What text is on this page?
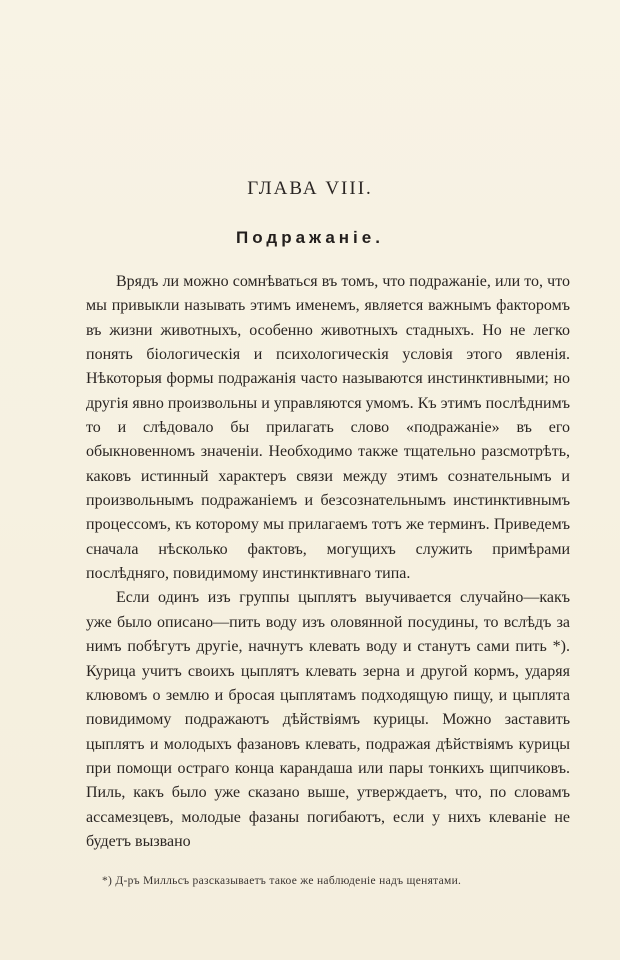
ГЛАВА VIII.
Подражаніе.

Врядъ ли можно сомнѣваться въ томъ, что подражаніе, или то, что мы привыкли называть этимъ именемъ, является важнымъ факторомъ въ жизни животныхъ, особенно животныхъ стадныхъ. Но не легко понять біологическія и психологическія условія этого явленія. Нѣкоторыя формы подражанія часто называются инстинктивными; но другія явно произвольны и управляются умомъ. Къ этимъ послѣднимъ то и слѣдовало бы прилагать слово «подражаніе» въ его обыкновенномъ значеніи. Необходимо также тщательно разсмотрѣть, каковъ истинный характеръ связи между этимъ сознательнымъ и произвольнымъ подражаніемъ и безсознательнымъ инстинктивнымъ процессомъ, къ которому мы прилагаемъ тотъ же терминъ. Приведемъ сначала нѣсколько фактовъ, могущихъ служить примѣрами послѣдняго, повидимому инстинктивнаго типа.

Если одинъ изъ группы цыплятъ выучивается случайно—какъ уже было описано—пить воду изъ оловянной посудины, то вслѣдъ за нимъ побѣгутъ другіе, начнутъ клевать воду и станутъ сами пить *). Курица учитъ своихъ цыплятъ клевать зерна и другой кормъ, ударяя клювомъ о землю и бросая цыплятамъ подходящую пищу, и цыплята повидимому подражаютъ дѣйствіямъ курицы. Можно заставить цыплятъ и молодыхъ фазановъ клевать, подражая дѣйствіямъ курицы при помощи остраго конца карандаша или пары тонкихъ щипчиковъ. Пиль, какъ было уже сказано выше, утверждаетъ, что, по словамъ ассамезцевъ, молодые фазаны погибаютъ, если у нихъ клеваніе не будетъ вызвано

*) Д-ръ Милльсъ разсказываетъ такое же наблюденіе надъ щенятами.
